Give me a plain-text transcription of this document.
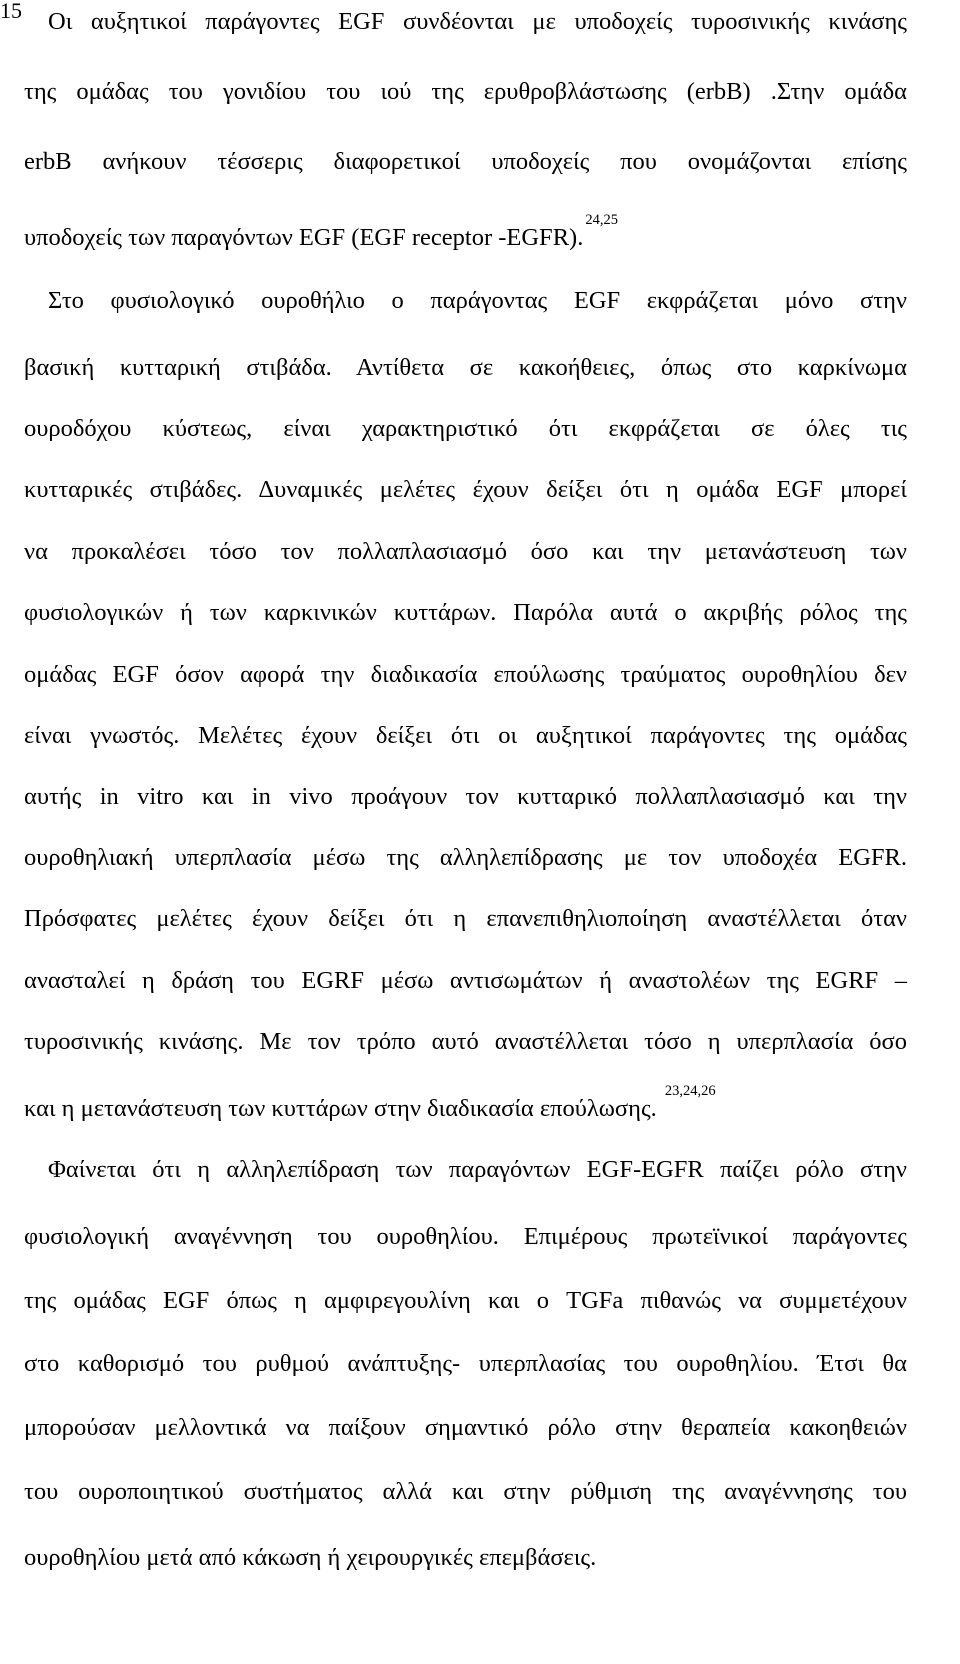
15 Οι αυξητικοί παράγοντες EGF συνδέονται με υποδοχείς τυροσινικής κινάσης
της ομάδας του γονιδίου του ιού της ερυθροβλάστωσης (erbB) .Στην ομάδα
erbB ανήκουν τέσσερις διαφορετικοί υποδοχείς που ονομάζονται επίσης
υποδοχείς των παραγόντων EGF (EGF receptor -EGFR).$^{24,25}$
Στο φυσιολογικό ουροθήλιο ο παράγοντας EGF εκφράζεται μόνο στην
βασική κυτταρική στιβάδα. Αντίθετα σε κακοήθειες, όπως στο καρκίνωμα
ουροδόχου κύστεως, είναι χαρακτηριστικό ότι εκφράζεται σε όλες τις
κυτταρικές στιβάδες. Δυναμικές μελέτες έχουν δείξει ότι η ομάδα EGF μπορεί
να προκαλέσει τόσο τον πολλαπλασιασμό όσο και την μετανάστευση των
φυσιολογικών ή των καρκινικών κυττάρων. Παρόλα αυτά ο ακριβής ρόλος της
ομάδας EGF όσον αφορά την διαδικασία επούλωσης τραύματος ουροθηλίου δεν
είναι γνωστός. Μελέτες έχουν δείξει ότι οι αυξητικοί παράγοντες της ομάδας
αυτής in vitro και in vivo προάγουν τον κυτταρικό πολλαπλασιασμό και την
ουροθηλιακή υπερπλασία μέσω της αλληλεπίδρασης με τον υποδοχέα EGFR.
Πρόσφατες μελέτες έχουν δείξει ότι η επανεπιθηλιοποίηση αναστέλλεται όταν
ανασταλεί η δράση του EGRF μέσω αντισωμάτων ή αναστολέων της EGRF –
τυροσινικής κινάσης. Με τον τρόπο αυτό αναστέλλεται τόσο η υπερπλασία όσο
και η μετανάστευση των κυττάρων στην διαδικασία επούλωσης. $^{23,24,26}$
Φαίνεται ότι η αλληλεπίδραση των παραγόντων EGF-EGFR παίζει ρόλο στην
φυσιολογική αναγέννηση του ουροθηλίου. Επιμέρους πρωτεϊνικοί παράγοντες
της ομάδας EGF όπως η αμφιρεγουλίνη και ο TGFa πιθανώς να συμμετέχουν
στο καθορισμό του ρυθμού ανάπτυξης- υπερπλασίας του ουροθηλίου. Έτσι θα
μπορούσαν μελλοντικά να παίξουν σημαντικό ρόλο στην θεραπεία κακοηθειών
του ουροποιητικού συστήματος αλλά και στην ρύθμιση της αναγέννησης του
ουροθηλίου μετά από κάκωση ή χειρουργικές επεμβάσεις.
